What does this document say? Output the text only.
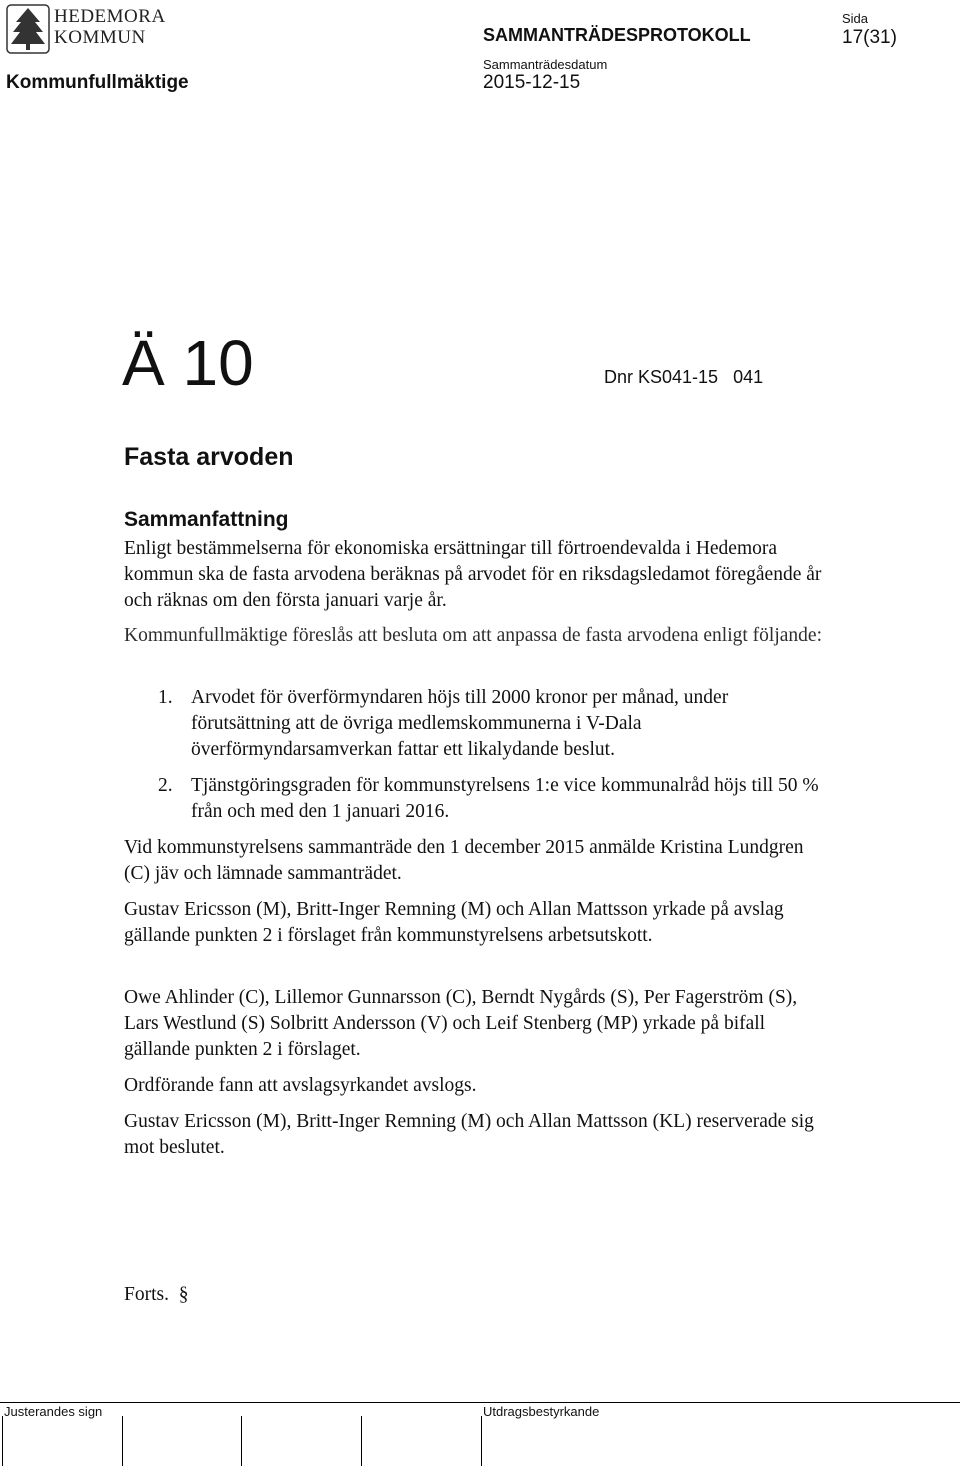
HEDEMORA
KOMMUN	SAMMANTRÄDESPROTOKOLL
Sida
17(31)
Kommunfullmäktige
Sammanträdesdatum
2015-12-15
Ä 10	Dnr KS041-15   041
Fasta arvoden
Sammanfattning

Enligt bestämmelserna för ekonomiska ersättningar till förtroendevalda i Hedemora kommun ska de fasta arvodena beräknas på arvodet för en riksdagsledamot föregående år och räknas om den första januari varje år.

Kommunfullmäktige föreslås att besluta om att anpassa de fasta arvodena enligt följande:

1. Arvodet för överförmyndaren höjs till 2000 kronor per månad, under förutsättning att de övriga medlemskommunerna i V-Dala överförmyndarsamverkan fattar ett likalydande beslut.
2. Tjänstgöringsgraden för kommunstyrelsens 1:e vice kommunalråd höjs till 50 % från och med den 1 januari 2016.

Vid kommunstyrelsens sammanträde den 1 december 2015 anmälde Kristina Lundgren (C) jäv och lämnade sammanträdet.

Gustav Ericsson (M), Britt-Inger Remning (M) och Allan Mattsson yrkade på avslag gällande punkten 2 i förslaget från kommunstyrelsens arbetsutskott.

Owe Ahlinder (C), Lillemor Gunnarsson (C), Berndt Nygårds (S), Per Fagerström (S), Lars Westlund (S) Solbritt Andersson (V) och Leif Stenberg (MP) yrkade på bifall gällande punkten 2 i förslaget.

Ordförande fann att avslagsyrkandet avslogs.

Gustav Ericsson (M), Britt-Inger Remning (M) och Allan Mattsson (KL) reserverade sig mot beslutet.

Forts.  §
Justerandes sign	Utdragsbestyrkande
